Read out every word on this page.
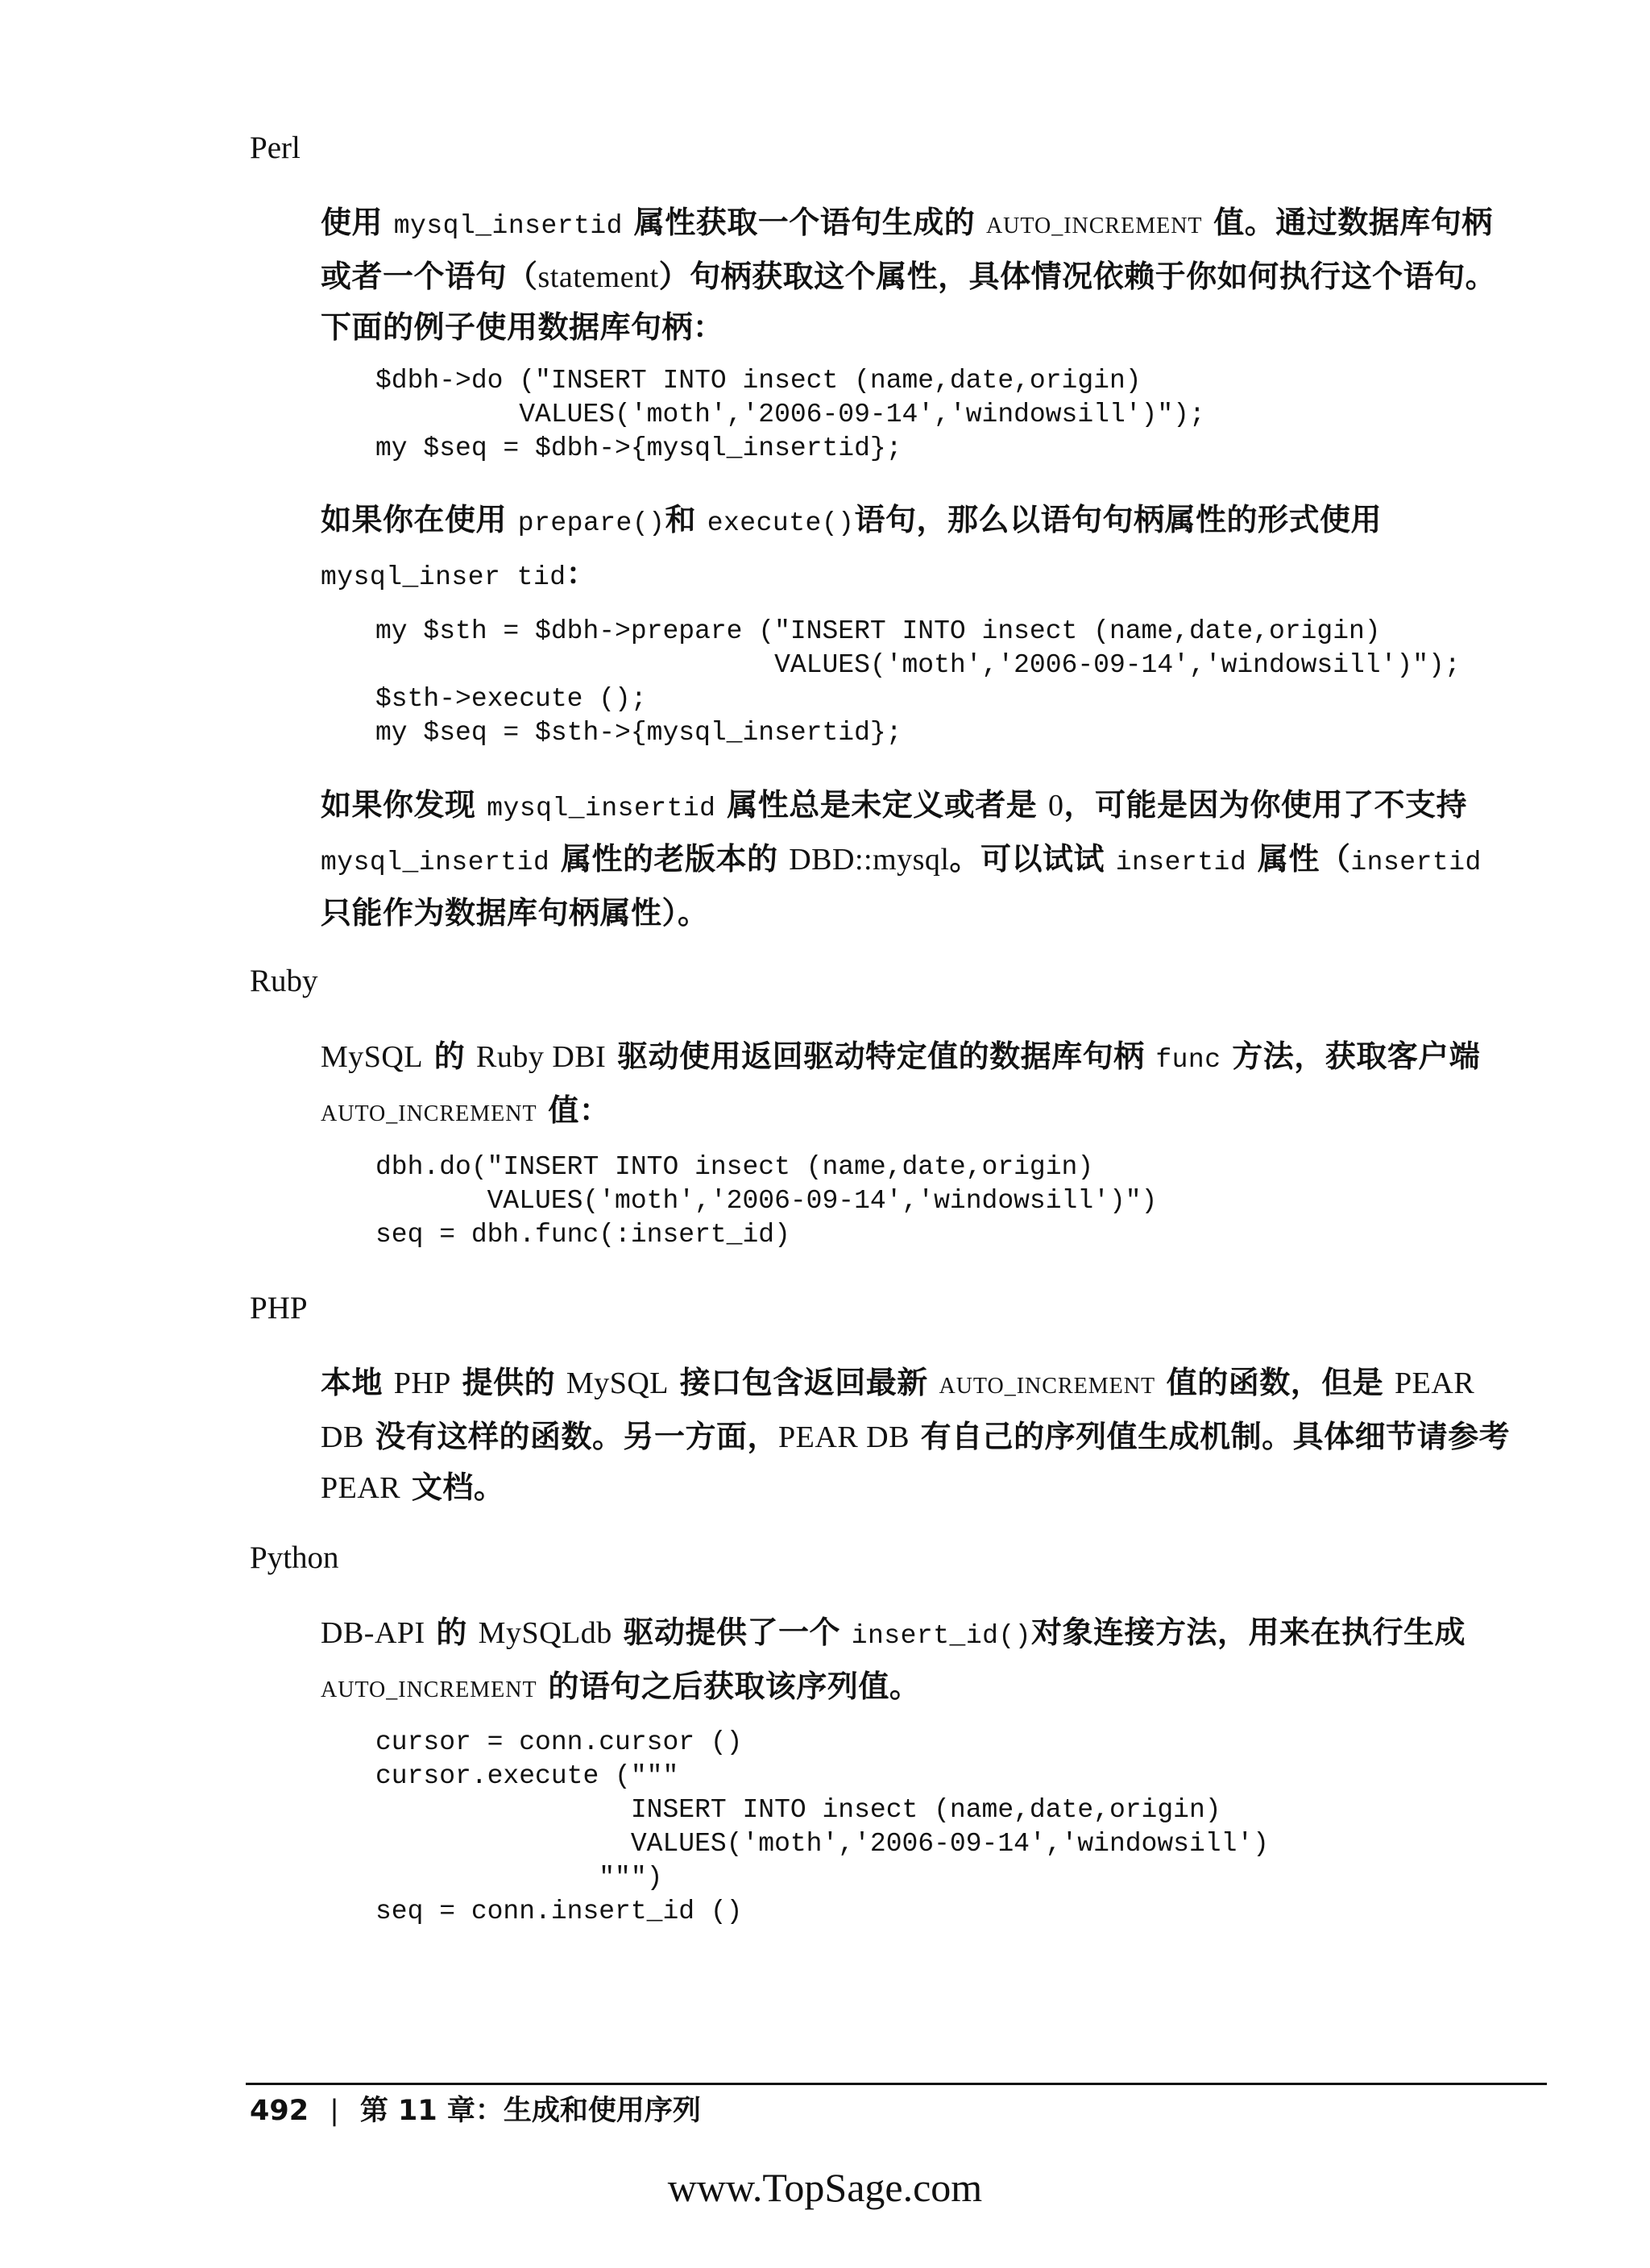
Perl

使用 mysql_insertid 属性获取一个语句生成的 AUTO_INCREMENT 值。通过数据库句柄或者一个语句（statement）句柄获取这个属性，具体情况依赖于你如何执行这个语句。下面的例子使用数据库句柄：

$dbh->do ("INSERT INTO insect (name,date,origin)
VALUES('moth','2006-09-14','windowsill')");
my $seq = $dbh->{mysql_insertid};

如果你在使用 prepare()和 execute()语句，那么以语句句柄属性的形式使用 mysql_inser tid：

my $sth = $dbh->prepare ("INSERT INTO insect (name,date,origin)
VALUES('moth','2006-09-14','windowsill')");
$sth->execute ();
my $seq = $sth->{mysql_insertid};

如果你发现 mysql_insertid 属性总是未定义或者是 0，可能是因为你使用了不支持 mysql_insertid 属性的老版本的 DBD::mysql。可以试试 insertid 属性（insertid 只能作为数据库句柄属性）。

Ruby

MySQL 的 Ruby DBI 驱动使用返回驱动特定值的数据库句柄 func 方法，获取客户端 AUTO_INCREMENT 值：

dbh.do("INSERT INTO insect (name,date,origin)
VALUES('moth','2006-09-14','windowsill')")
seq = dbh.func(:insert_id)
PHP

本地 PHP 提供的 MySQL 接口包含返回最新 AUTO_INCREMENT 值的函数，但是 PEAR DB 没有这样的函数。另一方面，PEAR DB 有自己的序列值生成机制。具体细节请参考 PEAR 文档。

Python

DB-API 的 MySQLdb 驱动提供了一个 insert_id()对象连接方法，用来在执行生成 AUTO_INCREMENT 的语句之后获取该序列值。

cursor = conn.cursor ()
cursor.execute ("""
INSERT INTO insect (name,date,origin)
VALUES('moth','2006-09-14','windowsill')
""")
seq = conn.insert_id ()
492 | 第 11 章：生成和使用序列
www.TopSage.com
